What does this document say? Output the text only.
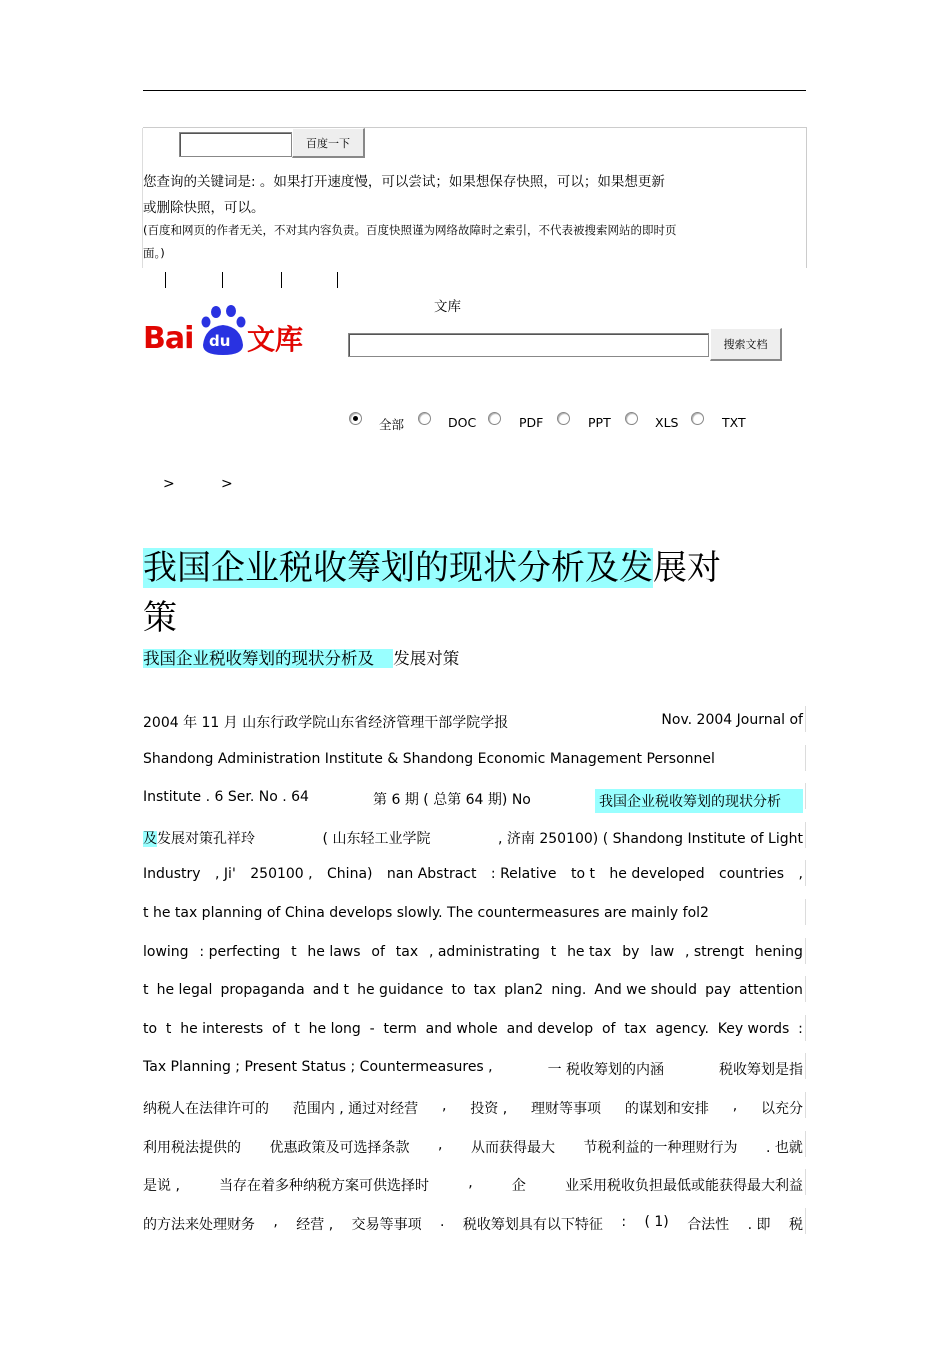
百度一下
您查询的关键词是: 。如果打开速度慢，可以尝试；如果想保存快照，可以；如果想更新
或删除快照，可以。
(百度和网页的作者无关，不对其内容负责。百度快照谨为网络故障时之索引，不代表被搜索网站的即时页
面。)
Bai du 文库
文库
搜索文档
全部	DOC	PDF	PPT	XLS	TXT
>	>
我国企业税收筹划的现状分析及发展对
策
我国企业税收筹划的现状分析及 发展对策
2004 年 11 月 山东行政学院山东省经济管理干部学院学报	Nov. 2004 Journal of
Shandong Administration Institute & Shandong Economic Management Personnel
Institute . 6 Ser. No . 64	第 6 期 ( 总第 64 期) No	我国企业税收筹划的现状分析
及发展对策孔祥玲	( 山东轻工业学院	, 济南 250100) ( Shandong Institute of Light
Industry , Ji' 250100 , China) nan Abstract : Relative to t he developed countries ,
t he tax planning of China develops slowly. The countermeasures are mainly fol2
lowing : perfecting t he laws of tax , administrating t he tax by law , strengt hening
t he legal propaganda and t he guidance to tax plan2 ning. And we should pay attention
to t he interests of t he long - term and whole and develop of tax agency. Key words :
Tax Planning ; Present Status ; Countermeasures ,	一 税收筹划的内涵	税收筹划是指
纳税人在法律许可的 范围内 , 通过对经营 , 投资 , 理财等事项 的谋划和安排 , 以充分
利用税法提供的 优惠政策及可选择条款 , 从而获得最大 节税利益的一种理财行为 . 也就
是说 ,	当存在着多种纳税方案可供选择时	,	企	业采用税收负担最低或能获得最大利益
的方法来处理财务 , 经营 , 交易等事项 . 税收筹划具有以下特征 : ( 1) 合法性 . 即 税
